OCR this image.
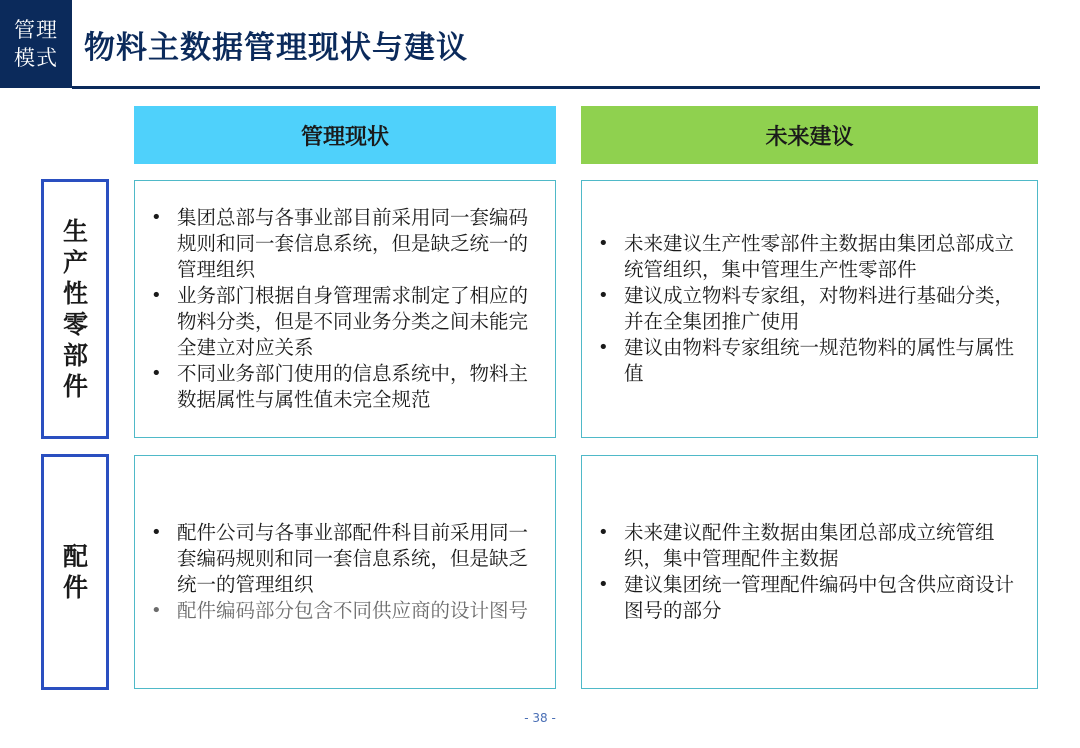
管理
模式 物料主数据管理现状与建议
管理现状	未来建议
生产性零部件
配件
• 集团总部与各事业部目前采用同一套编码规则和同一套信息系统，但是缺乏统一的管理组织
• 业务部门根据自身管理需求制定了相应的物料分类，但是不同业务分类之间未能完全建立对应关系
• 不同业务部门使用的信息系统中，物料主数据属性与属性值未完全规范
• 未来建议生产性零部件主数据由集团总部成立统管组织，集中管理生产性零部件
• 建议成立物料专家组，对物料进行基础分类，并在全集团推广使用
• 建议由物料专家组统一规范物料的属性与属性值
• 配件公司与各事业部配件科目前采用同一套编码规则和同一套信息系统，但是缺乏统一的管理组织
• 配件编码部分包含不同供应商的设计图号
• 未来建议配件主数据由集团总部成立统管组织，集中管理配件主数据
• 建议集团统一管理配件编码中包含供应商设计图号的部分
- 38 -
